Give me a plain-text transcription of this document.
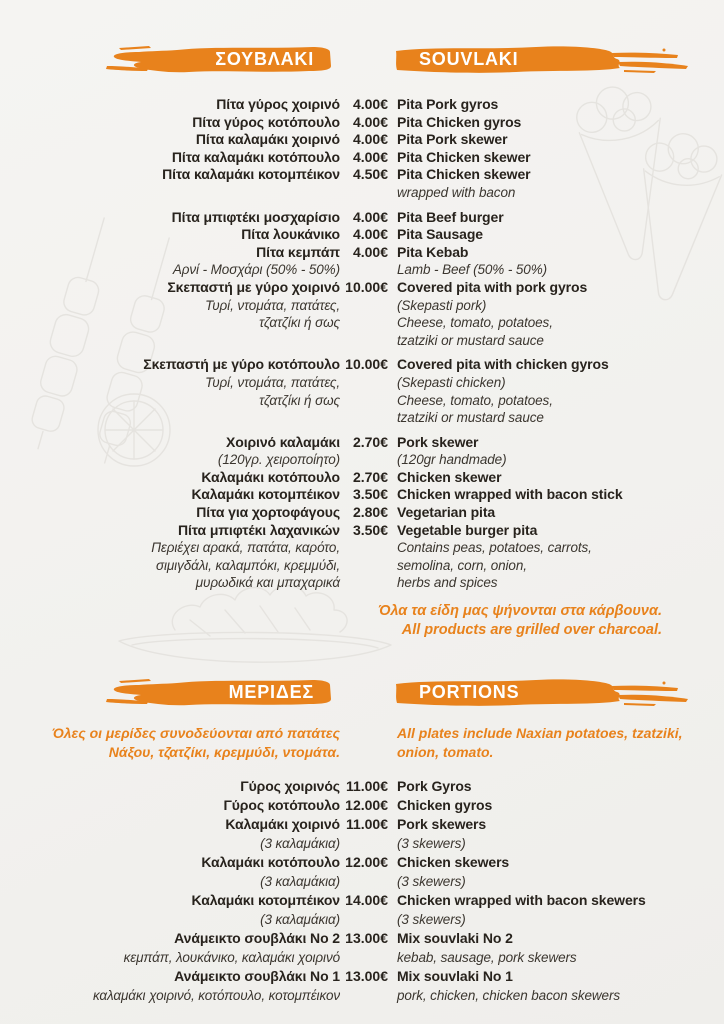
ΣΟΥΒΛΑΚΙ	SOUVLAKI
Πίτα γύρος χοιρινό 4.00€ Pita Pork gyros
Πίτα γύρος κοτόπουλο 4.00€ Pita Chicken gyros
Πίτα καλαμάκι χοιρινό 4.00€ Pita Pork skewer
Πίτα καλαμάκι κοτόπουλο 4.00€ Pita Chicken skewer
Πίτα καλαμάκι κοτομπέικον 4.50€ Pita Chicken skewer
wrapped with bacon
Πίτα μπιφτέκι μοσχαρίσιο 4.00€ Pita Beef burger
Πίτα λουκάνικο 4.00€ Pita Sausage
Πίτα κεμπάπ
Αρνί - Μοσχάρι (50% - 50%)
4.00€ Pita Kebab
Lamb - Beef (50% - 50%)
Σκεπαστή με γύρο χοιρινό
Τυρί, ντομάτα, πατάτες,
τζατζίκι ή σως
10.00€ Covered pita with pork gyros
(Skepasti pork)
Cheese, tomato, potatoes,
tzatziki or mustard sauce
Σκεπαστή με γύρο κοτόπουλο
Τυρί, ντομάτα, πατάτες,
τζατζίκι ή σως
10.00€ Covered pita with chicken gyros
(Skepasti chicken)
Cheese, tomato, potatoes,
tzatziki or mustard sauce
Χοιρινό καλαμάκι
(120γρ. χειροποίητο)
2.70€ Pork skewer
(120gr handmade)
Καλαμάκι κοτόπουλο 2.70€ Chicken skewer
Καλαμάκι κοτομπέικον 3.50€ Chicken wrapped with bacon stick
Πίτα για χορτοφάγους 2.80€ Vegetarian pita
Πίτα μπιφτέκι λαχανικών
Περιέχει αρακά, πατάτα, καρότο,
σιμιγδάλι, καλαμπόκι, κρεμμύδι,
μυρωδικά και μπαχαρικά
3.50€ Vegetable burger pita
Contains peas, potatoes, carrots,
semolina, corn, onion,
herbs and spices
Όλα τα είδη μας ψήνονται στα κάρβουνα.
All products are grilled over charcoal.
ΜΕΡΙΔΕΣ	PORTIONS
Όλες οι μερίδες συνοδεύονται από πατάτες
Νάξου, τζατζίκι, κρεμμύδι, ντομάτα.
All plates include Naxian potatoes, tzatziki,
onion, tomato.
Γύρος χοιρινός 11.00€ Pork Gyros
Γύρος κοτόπουλο 12.00€ Chicken gyros
Καλαμάκι χοιρινό
(3 καλαμάκια)
11.00€ Pork skewers
(3 skewers)
Καλαμάκι κοτόπουλο
(3 καλαμάκια)
12.00€ Chicken skewers
(3 skewers)
Καλαμάκι κοτομπέικον
(3 καλαμάκια)
14.00€ Chicken wrapped with bacon skewers
(3 skewers)
Ανάμεικτο σουβλάκι No 2
κεμπάπ, λουκάνικο, καλαμάκι χοιρινό
13.00€ Mix souvlaki No 2
kebab, sausage, pork skewers
Ανάμεικτο σουβλάκι No 1
καλαμάκι χοιρινό, κοτόπουλο, κοτομπέικον
13.00€ Mix souvlaki No 1
pork, chicken, chicken bacon skewers
